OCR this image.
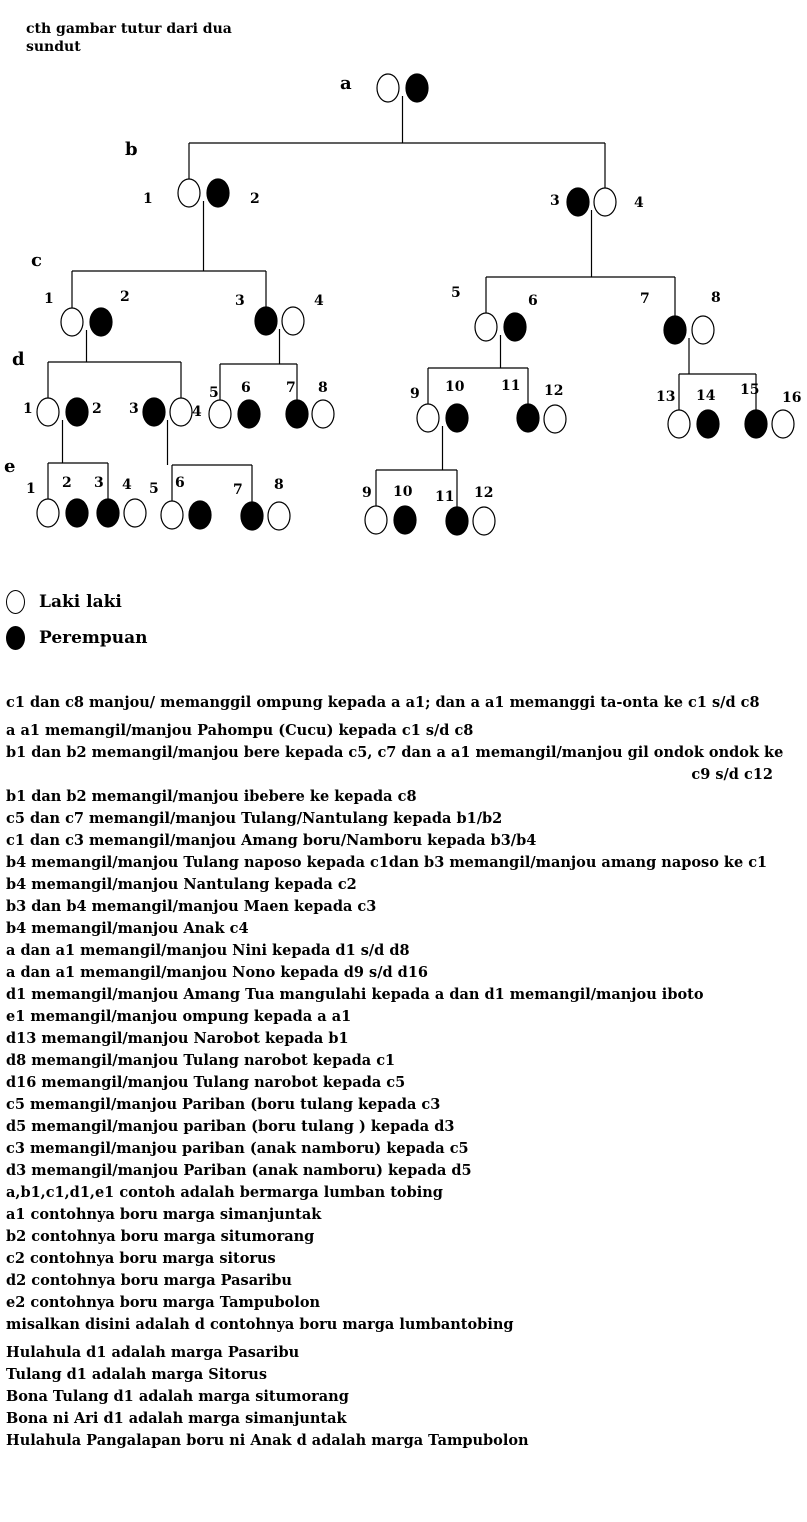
1	2	3	4
1	2	3	4	5	6	7	8
1	2 3	4
5 6	7 8	9 10	11 12	13 14 15 16
1 2 3 4 5 6	7 8	9 10 11 12
a
b
c
d
e
cth gambar tutur dari dua sundut
Laki laki
Perempuan
c1 dan c8 manjou/ memanggil ompung kepada a a1; dan a a1 memanggi ta-onta ke c1 s/d c8
a a1 memangil/manjou Pahompu (Cucu) kepada c1 s/d c8
b1 dan b2 memangil/manjou bere kepada c5, c7 dan a a1 memangil/manjou gil ondok ondok ke
c9 s/d c12
b1 dan b2 memangil/manjou ibebere ke kepada c8
c5 dan c7 memangil/manjou Tulang/Nantulang kepada b1/b2
c1 dan c3 memangil/manjou Amang boru/Namboru kepada b3/b4
b4 memangil/manjou Tulang naposo kepada c1dan b3 memangil/manjou amang naposo ke c1
b4 memangil/manjou Nantulang kepada c2
b3 dan b4 memangil/manjou Maen kepada c3
b4 memangil/manjou Anak c4
a dan a1 memangil/manjou Nini kepada d1 s/d d8
a dan a1 memangil/manjou Nono kepada d9 s/d d16
d1 memangil/manjou Amang Tua mangulahi kepada a dan d1 memangil/manjou iboto
e1 memangil/manjou ompung kepada a a1
d13 memangil/manjou Narobot kepada b1
d8 memangil/manjou Tulang narobot kepada c1
d16 memangil/manjou Tulang narobot kepada c5
c5 memangil/manjou Pariban (boru tulang kepada c3
d5 memangil/manjou pariban (boru tulang ) kepada d3
c3 memangil/manjou pariban (anak namboru) kepada c5
d3 memangil/manjou Pariban (anak namboru) kepada d5
a,b1,c1,d1,e1 contoh adalah bermarga lumban tobing
a1 contohnya boru marga simanjuntak
b2 contohnya boru marga situmorang
c2 contohnya boru marga sitorus
d2 contohnya boru marga Pasaribu
e2 contohnya boru marga Tampubolon
misalkan disini adalah d contohnya boru marga lumbantobing
Hulahula d1 adalah marga Pasaribu
Tulang d1 adalah marga Sitorus
Bona Tulang d1 adalah marga situmorang
Bona ni Ari d1 adalah marga simanjuntak
Hulahula Pangalapan boru ni Anak d adalah marga Tampubolon
